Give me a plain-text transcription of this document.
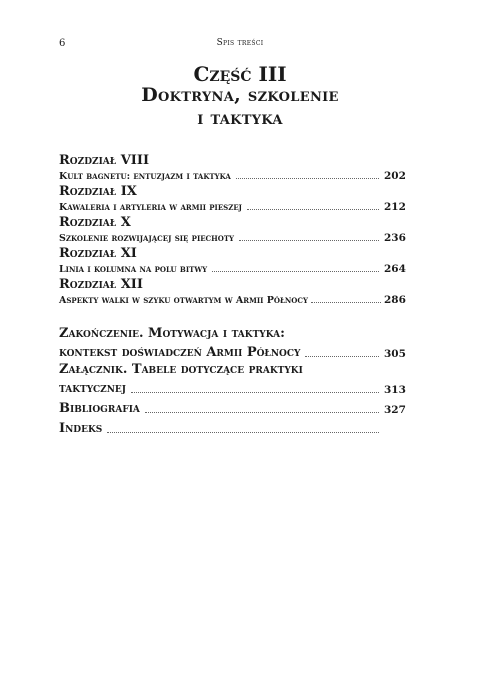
6	Spis treści
Część III
Doktryna, szkolenie
i taktyka
Rozdział VIII
Kult bagnetu: entuzjazm i taktyka	202
Rozdział IX
Kawaleria i artyleria w armii pieszej	212
Rozdział X
Szkolenie rozwijającej się piechoty	236
Rozdział XI
Linia i kolumna na polu bitwy	264
Rozdział XII
Aspekty walki w szyku otwartym w Armii Północy	286
Zakończenie. Motywacja i taktyka:
kontekst doświadczeń Armii Północy	305
Załącznik. Tabele dotyczące praktyki
taktycznej	313
Bibliografia	327
Indeks
